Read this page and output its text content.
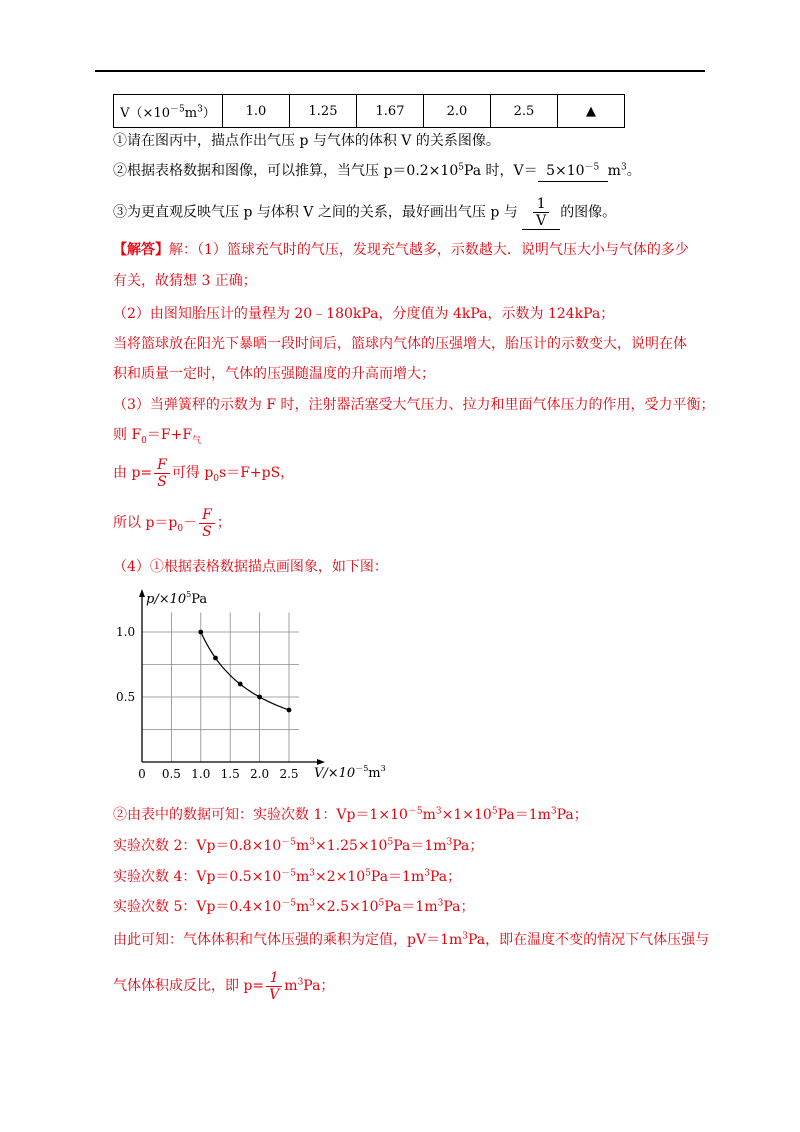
$V(\times 10^{-5}m^3)$	1.0	1.25	1.67	2.0	2.5	▲
①请在图丙中，描点作出气压 p 与气体的体积 V 的关系图像。
②根据表格数据和图像，可以推算，当气压 $p=0.2\times 10^5Pa$ 时，$V= 5\times 10^{-5}$ $m^3$。
③为更直观反映气压 p 与体积 V 之间的关系，最好画出气压 p 与 $\frac{1}{V}$ 的图像。
【解答】解：（1）篮球充气时的气压，发现充气越多，示数越大．说明气压大小与气体的多少
有关，故猜想 3 正确；
（2）由图知胎压计的量程为 20﹣180kPa，分度值为 4kPa，示数为 124kPa；
当将篮球放在阳光下暴晒一段时间后，篮球内气体的压强增大，胎压计的示数变大，说明在体
积和质量一定时，气体的压强随温度的升高而增大；
（3）当弹簧秤的示数为 F 时，注射器活塞受大气压力、拉力和里面气体压力的作用，受力平衡；
则 $F_0=F+F_气$
由 $p= \frac{F}{S}$ 可得 $p_0s=F+pS$，
所以 $p=p_0- \frac{F}{S}$ ；
（4）①根据表格数据描点画图象，如下图：
0 0.5 1.0 1.5 2.0 2.5
1.0
0.5
$p/\times 10^5Pa$
$V/\times 10^{-5}m^3$
②由表中的数据可知：实验次数 1：$Vp=1\times 10^{-5}m^3\times 1\times 10^5Pa=1m^3Pa$；
实验次数 2：$Vp=0.8\times 10^{-5}m^3\times 1.25\times 10^5Pa=1m^3Pa$；
实验次数 4：$Vp=0.5\times 10^{-5}m^3\times 2\times 10^5Pa=1m^3Pa$；
实验次数 5：$Vp=0.4\times 10^{-5}m^3\times 2.5\times 10^5Pa=1m^3Pa$；
由此可知：气体体积和气体压强的乘积为定值，$pV=1m^3Pa$，即在温度不变的情况下气体压强与
气体体积成反比，即 $p= \frac{1}{V} m^3Pa$；
